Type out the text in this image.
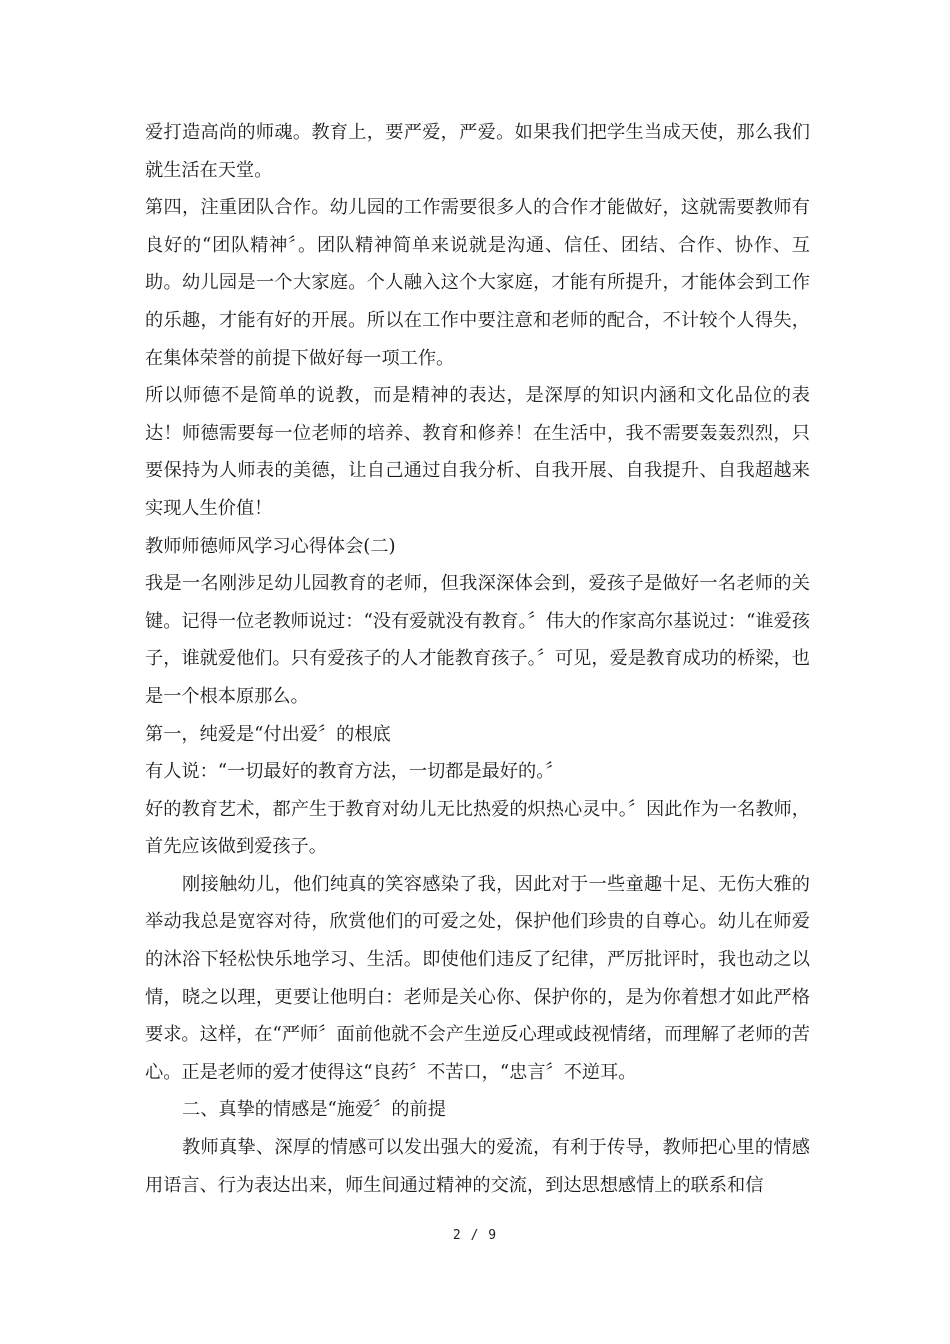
爱打造高尚的师魂。教育上，要严爱，严爱。如果我们把学生当成天使，那么我们就生活在天堂。

第四，注重团队合作。幼儿园的工作需要很多人的合作才能做好，这就需要教师有良好的“团队精神〞。团队精神简单来说就是沟通、信任、团结、合作、协作、互助。幼儿园是一个大家庭。个人融入这个大家庭，才能有所提升，才能体会到工作的乐趣，才能有好的开展。所以在工作中要注意和老师的配合，不计较个人得失，在集体荣誉的前提下做好每一项工作。

所以师德不是简单的说教，而是精神的表达，是深厚的知识内涵和文化品位的表达！师德需要每一位老师的培养、教育和修养！在生活中，我不需要轰轰烈烈，只要保持为人师表的美德，让自己通过自我分析、自我开展、自我提升、自我超越来实现人生价值！

教师师德师风学习心得体会(二)

我是一名刚涉足幼儿园教育的老师，但我深深体会到，爱孩子是做好一名老师的关键。记得一位老教师说过：“没有爱就没有教育。〞伟大的作家高尔基说过：“谁爱孩子，谁就爱他们。只有爱孩子的人才能教育孩子。〞可见，爱是教育成功的桥梁，也是一个根本原那么。

第一，纯爱是“付出爱〞的根底

有人说：“一切最好的教育方法，一切都是最好的。〞

好的教育艺术，都产生于教育对幼儿无比热爱的炽热心灵中。〞因此作为一名教师，首先应该做到爱孩子。

刚接触幼儿，他们纯真的笑容感染了我，因此对于一些童趣十足、无伤大雅的举动我总是宽容对待，欣赏他们的可爱之处，保护他们珍贵的自尊心。幼儿在师爱的沐浴下轻松快乐地学习、生活。即使他们违反了纪律，严厉批评时，我也动之以情，晓之以理，更要让他明白：老师是关心你、保护你的，是为你着想才如此严格要求。这样，在“严师〞面前他就不会产生逆反心理或歧视情绪，而理解了老师的苦心。正是老师的爱才使得这“良药〞不苦口，“忠言〞不逆耳。

二、真挚的情感是“施爱〞的前提

教师真挚、深厚的情感可以发出强大的爱流，有利于传导，教师把心里的情感用语言、行为表达出来，师生间通过精神的交流，到达思想感情上的联系和信

2 / 9
